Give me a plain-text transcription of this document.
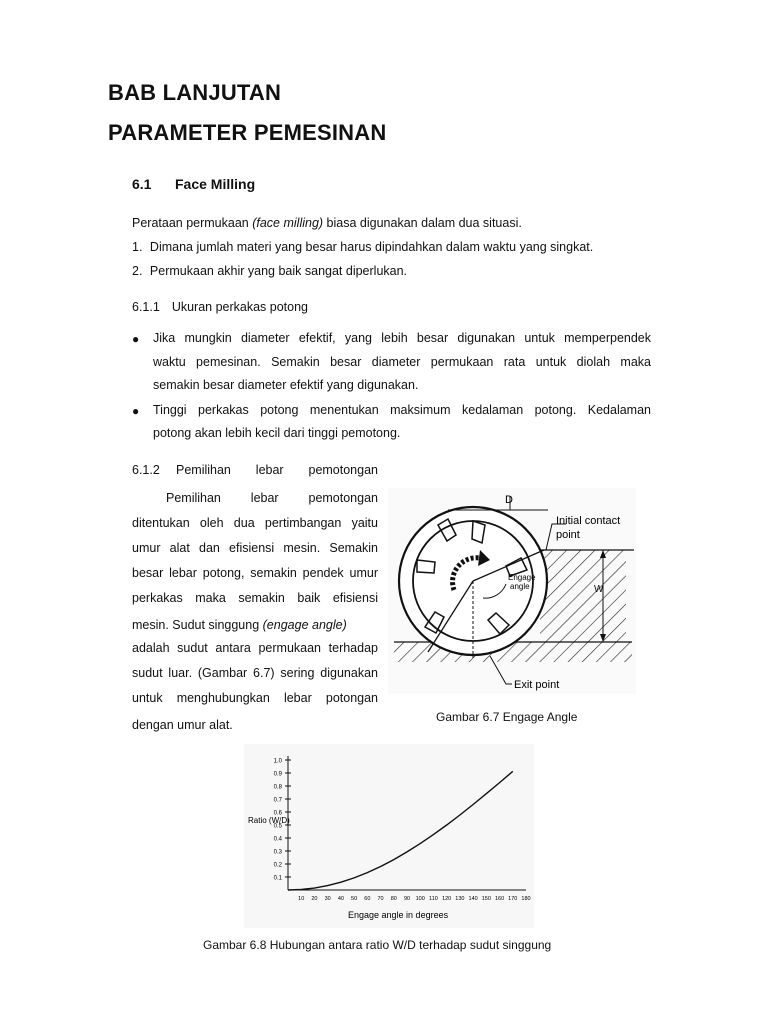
BAB LANJUTAN
PARAMETER PEMESINAN
6.1 Face Milling
Perataan permukaan (face milling) biasa digunakan dalam dua situasi.
1. Dimana jumlah materi yang besar harus dipindahkan dalam waktu yang singkat.
2. Permukaan akhir yang baik sangat diperlukan.
6.1.1 Ukuran perkakas potong
● Jika mungkin diameter efektif, yang lebih besar digunakan untuk memperpendek
waktu pemesinan. Semakin besar diameter permukaan rata untuk diolah maka
semakin besar diameter efektif yang digunakan.
● Tinggi perkakas potong menentukan maksimum kedalaman potong. Kedalaman
potong akan lebih kecil dari tinggi pemotong.
6.1.2 Pemilihan lebar pemotongan
Pemilihan lebar pemotongan
ditentukan oleh dua pertimbangan yaitu
umur alat dan efisiensi mesin. Semakin
besar lebar potong, semakin pendek umur
perkakas maka semakin baik efisiensi
mesin. Sudut singgung (engage angle)
adalah sudut antara permukaan terhadap
sudut luar. (Gambar 6.7) sering digunakan
untuk menghubungkan lebar potongan
dengan umur alat.
D
Initial contact
point
W
Engage
angle
Exit point
Gambar 6.7 Engage Angle
0.1
0.2
0.3
0.4
0.5
0.6
0.7
0.8
0.9
1.0
10 20 30 40 50 60 70 80 90 100 110 120 130 140 150 160 170 180
Ratio (W/D)
Engage angle in degrees
Gambar 6.8 Hubungan antara ratio W/D terhadap sudut singgung
